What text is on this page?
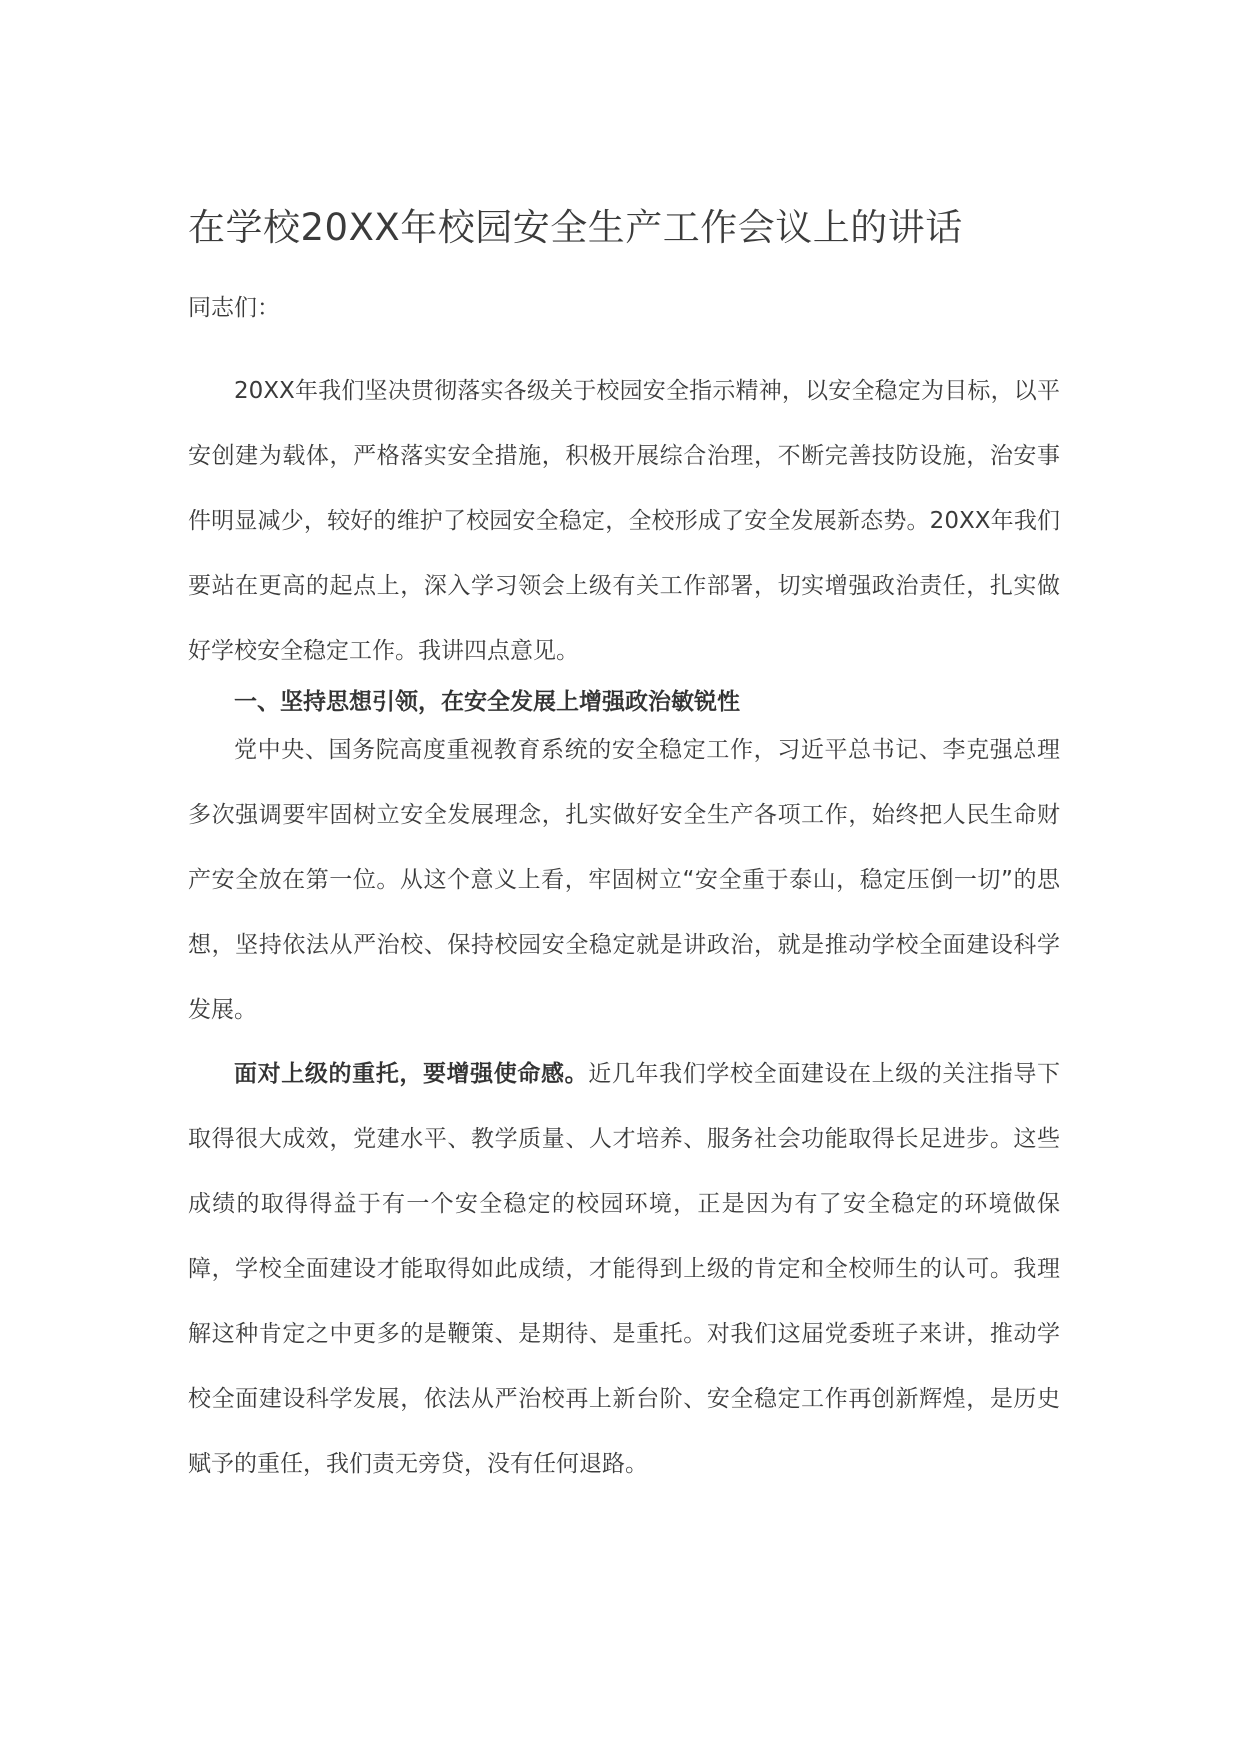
在学校20XX年校园安全生产工作会议上的讲话
同志们：

20XX年我们坚决贯彻落实各级关于校园安全指示精神，以安全稳定为目标，以平安创建为载体，严格落实安全措施，积极开展综合治理，不断完善技防设施，治安事件明显减少，较好的维护了校园安全稳定，全校形成了安全发展新态势。20XX年我们要站在更高的起点上，深入学习领会上级有关工作部署，切实增强政治责任，扎实做好学校安全稳定工作。我讲四点意见。

一、坚持思想引领，在安全发展上增强政治敏锐性

党中央、国务院高度重视教育系统的安全稳定工作，习近平总书记、李克强总理多次强调要牢固树立安全发展理念，扎实做好安全生产各项工作，始终把人民生命财产安全放在第一位。从这个意义上看，牢固树立“安全重于泰山，稳定压倒一切”的思想，坚持依法从严治校、保持校园安全稳定就是讲政治，就是推动学校全面建设科学发展。

面对上级的重托，要增强使命感。近几年我们学校全面建设在上级的关注指导下取得很大成效，党建水平、教学质量、人才培养、服务社会功能取得长足进步。这些成绩的取得得益于有一个安全稳定的校园环境，正是因为有了安全稳定的环境做保障，学校全面建设才能取得如此成绩，才能得到上级的肯定和全校师生的认可。我理解这种肯定之中更多的是鞭策、是期待、是重托。对我们这届党委班子来讲，推动学校全面建设科学发展，依法从严治校再上新台阶、安全稳定工作再创新辉煌，是历史赋予的重任，我们责无旁贷，没有任何退路。
